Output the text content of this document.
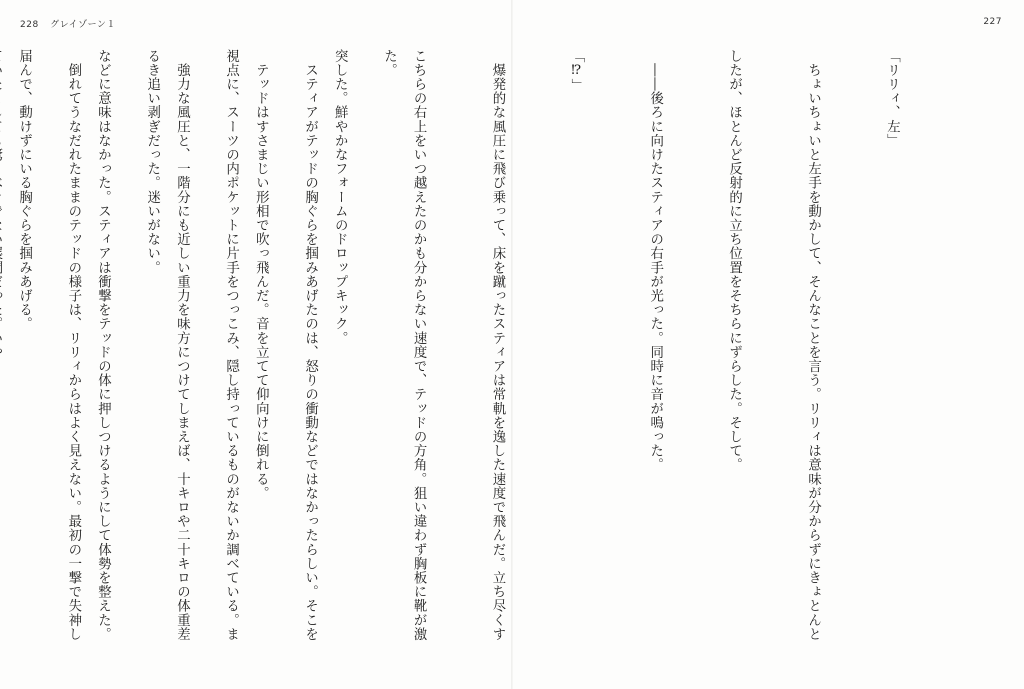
228 グレイゾーン１	227

「リリィ、左」

　ちょいちょいと左手を動かして、そんなことを言う。リリィは意味が分からずにきょとんと

したが、ほとんど反射的に立ち位置をそちらにずらした。そして。

　――後ろに向けたスティアの右手が光った。同時に音が鳴った。

「⁉」

　爆発的な風圧に飛び乗って、床を蹴ったスティアは常軌を逸した速度で飛んだ。立ち尽くす

こちらの右上をいつ越えたのかも分からない速度で、テッドの方角。狙い違わず胸板に靴が激

突した。鮮やかなフォームのドロップキック。

　テッドはすさまじい形相で吹っ飛んだ。音を立てて仰向けに倒れる。

　強力な風圧と、一階分にも近しい重力を味方につけてしまえば、十キロや二十キロの体重差

などに意味はなかった。スティアは衝撃をテッドの体に押しつけるようにして体勢を整えた。

届んで、動けずにいる胸ぐらを掴みあげる。

	た。

　スティアがテッドの胸ぐらを掴みあげたのは、怒りの衝動などではなかったらしい。そこを

視点に、スーツの内ポケットに片手をつっこみ、隠し持っているものがないか調べている。ま

るき追い剥ぎだった。迷いがない。

　倒れてうなだれたままのテッドの様子は、リリィからはよく見えない。最初の一撃で失神し
